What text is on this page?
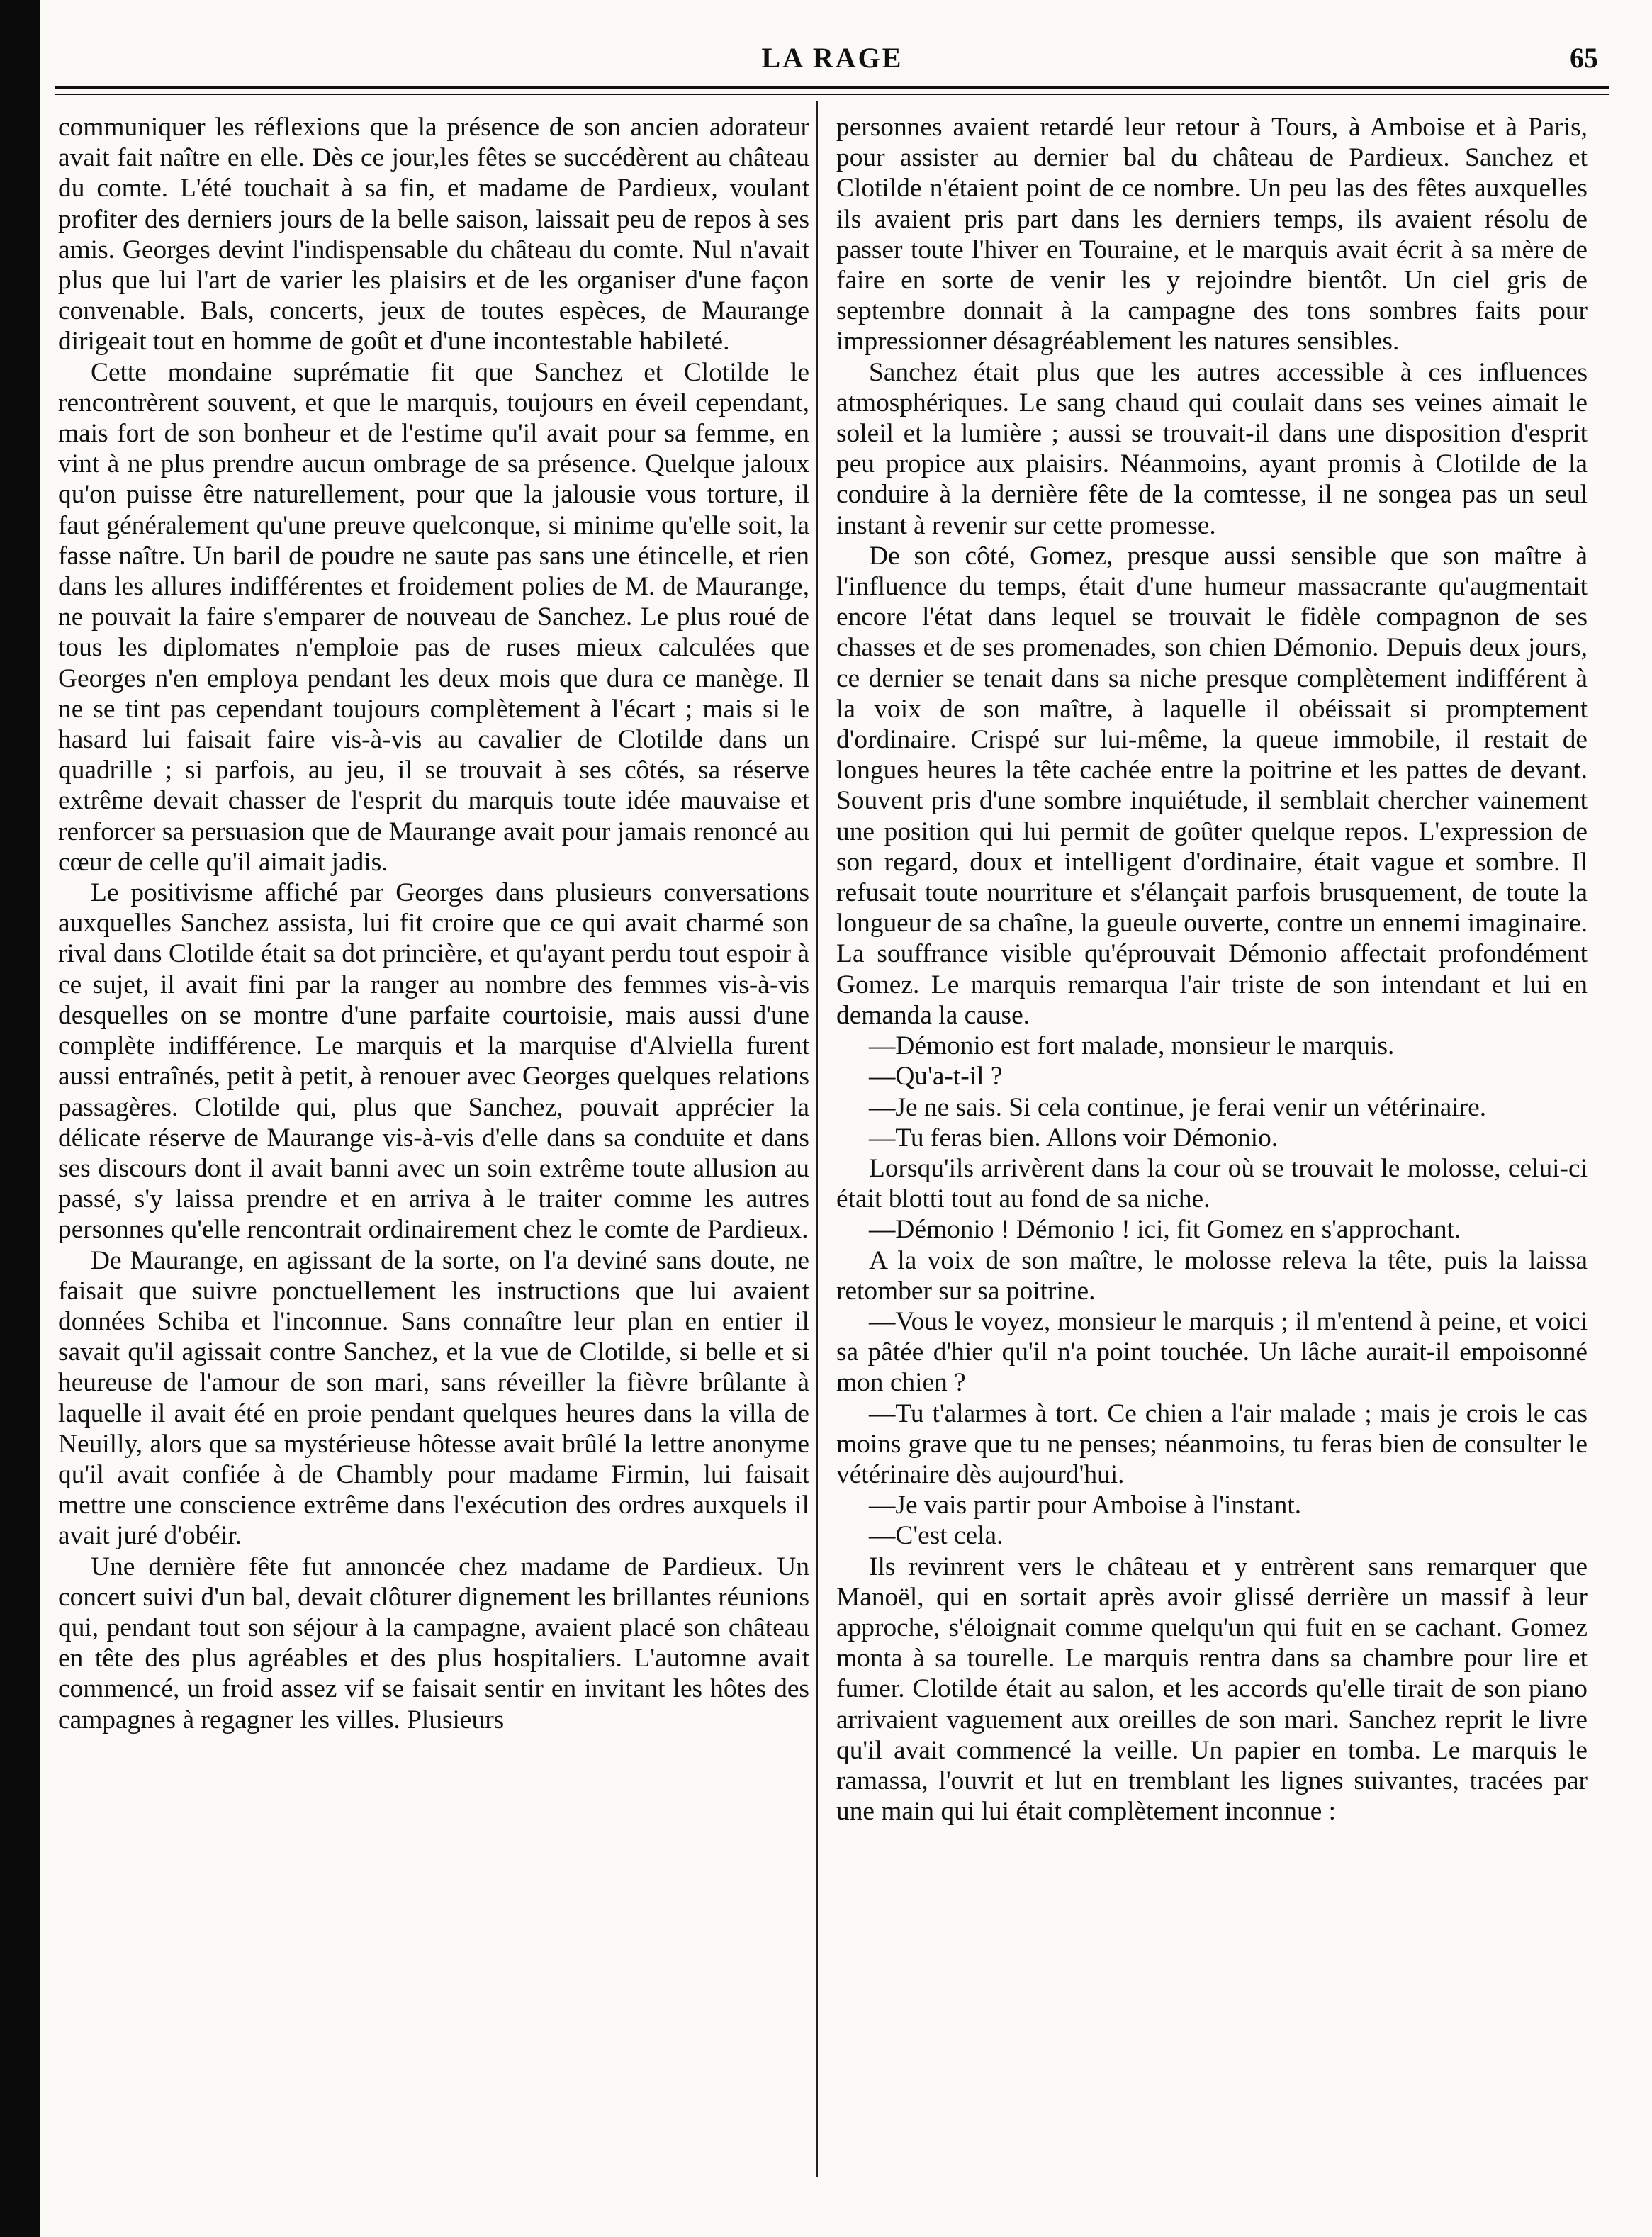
LA RAGE	65

communiquer les réflexions que la présence de son ancien adorateur avait fait naître en elle. Dès ce jour,les fêtes se succédèrent au château du comte. L'été touchait à sa fin, et madame de Pardieux, voulant profiter des derniers jours de la belle saison, laissait peu de repos à ses amis. Georges devint l'indispensable du château du comte. Nul n'avait plus que lui l'art de varier les plaisirs et de les organiser d'une façon convenable. Bals, concerts, jeux de toutes espèces, de Maurange dirigeait tout en homme de goût et d'une incontestable habileté.

Cette mondaine suprématie fit que Sanchez et Clotilde le rencontrèrent souvent, et que le marquis, toujours en éveil cependant, mais fort de son bonheur et de l'estime qu'il avait pour sa femme, en vint à ne plus prendre aucun ombrage de sa présence. Quelque jaloux qu'on puisse être naturellement, pour que la jalousie vous torture, il faut généralement qu'une preuve quelconque, si minime qu'elle soit, la fasse naître. Un baril de poudre ne saute pas sans une étincelle, et rien dans les allures indifférentes et froidement polies de M. de Maurange, ne pouvait la faire s'emparer de nouveau de Sanchez. Le plus roué de tous les diplomates n'emploie pas de ruses mieux calculées que Georges n'en employa pendant les deux mois que dura ce manège. Il ne se tint pas cependant toujours complètement à l'écart ; mais si le hasard lui faisait faire vis-à-vis au cavalier de Clotilde dans un quadrille ; si parfois, au jeu, il se trouvait à ses côtés, sa réserve extrême devait chasser de l'esprit du marquis toute idée mauvaise et renforcer sa persuasion que de Maurange avait pour jamais renoncé au cœur de celle qu'il aimait jadis.

Le positivisme affiché par Georges dans plusieurs conversations auxquelles Sanchez assista, lui fit croire que ce qui avait charmé son rival dans Clotilde était sa dot princière, et qu'ayant perdu tout espoir à ce sujet, il avait fini par la ranger au nombre des femmes vis-à-vis desquelles on se montre d'une parfaite courtoisie, mais aussi d'une complète indifférence. Le marquis et la marquise d'Alviella furent aussi entraînés, petit à petit, à renouer avec Georges quelques relations passagères. Clotilde qui, plus que Sanchez, pouvait apprécier la délicate réserve de Maurange vis-à-vis d'elle dans sa conduite et dans ses discours dont il avait banni avec un soin extrême toute allusion au passé, s'y laissa prendre et en arriva à le traiter comme les autres personnes qu'elle rencontrait ordinairement chez le comte de Pardieux.

De Maurange, en agissant de la sorte, on l'a deviné sans doute, ne faisait que suivre ponctuellement les instructions que lui avaient données Schiba et l'inconnue. Sans connaître leur plan en entier il savait qu'il agissait contre Sanchez, et la vue de Clotilde, si belle et si heureuse de l'amour de son mari, sans réveiller la fièvre brûlante à laquelle il avait été en proie pendant quelques heures dans la villa de Neuilly, alors que sa mystérieuse hôtesse avait brûlé la lettre anonyme qu'il avait confiée à de Chambly pour madame Firmin, lui faisait mettre une conscience extrême dans l'exécution des ordres auxquels il avait juré d'obéir.

Une dernière fête fut annoncée chez madame de Pardieux. Un concert suivi d'un bal, devait clôturer dignement les brillantes réunions qui, pendant tout son séjour à la campagne, avaient placé son château en tête des plus agréables et des plus hospitaliers. L'automne avait commencé, un froid assez vif se faisait sentir en invitant les hôtes des campagnes à regagner les villes. Plusieurs

personnes avaient retardé leur retour à Tours, à Amboise et à Paris, pour assister au dernier bal du château de Pardieux. Sanchez et Clotilde n'étaient point de ce nombre. Un peu las des fêtes auxquelles ils avaient pris part dans les derniers temps, ils avaient résolu de passer toute l'hiver en Touraine, et le marquis avait écrit à sa mère de faire en sorte de venir les y rejoindre bientôt. Un ciel gris de septembre donnait à la campagne des tons sombres faits pour impressionner désagréablement les natures sensibles.

Sanchez était plus que les autres accessible à ces influences atmosphériques. Le sang chaud qui coulait dans ses veines aimait le soleil et la lumière ; aussi se trouvait-il dans une disposition d'esprit peu propice aux plaisirs. Néanmoins, ayant promis à Clotilde de la conduire à la dernière fête de la comtesse, il ne songea pas un seul instant à revenir sur cette promesse.

De son côté, Gomez, presque aussi sensible que son maître à l'influence du temps, était d'une humeur massacrante qu'augmentait encore l'état dans lequel se trouvait le fidèle compagnon de ses chasses et de ses promenades, son chien Démonio. Depuis deux jours, ce dernier se tenait dans sa niche presque complètement indifférent à la voix de son maître, à laquelle il obéissait si promptement d'ordinaire. Crispé sur lui-même, la queue immobile, il restait de longues heures la tête cachée entre la poitrine et les pattes de devant. Souvent pris d'une sombre inquiétude, il semblait chercher vainement une position qui lui permit de goûter quelque repos. L'expression de son regard, doux et intelligent d'ordinaire, était vague et sombre. Il refusait toute nourriture et s'élançait parfois brusquement, de toute la longueur de sa chaîne, la gueule ouverte, contre un ennemi imaginaire. La souffrance visible qu'éprouvait Démonio affectait profondément Gomez. Le marquis remarqua l'air triste de son intendant et lui en demanda la cause.

—Démonio est fort malade, monsieur le marquis.

—Qu'a-t-il ?

—Je ne sais. Si cela continue, je ferai venir un vétérinaire.

—Tu feras bien. Allons voir Démonio.

Lorsqu'ils arrivèrent dans la cour où se trouvait le molosse, celui-ci était blotti tout au fond de sa niche.

—Démonio ! Démonio ! ici, fit Gomez en s'approchant.

A la voix de son maître, le molosse releva la tête, puis la laissa retomber sur sa poitrine.

—Vous le voyez, monsieur le marquis ; il m'entend à peine, et voici sa pâtée d'hier qu'il n'a point touchée. Un lâche aurait-il empoisonné mon chien ?

—Tu t'alarmes à tort. Ce chien a l'air malade ; mais je crois le cas moins grave que tu ne penses; néanmoins, tu feras bien de consulter le vétérinaire dès aujourd'hui.

—Je vais partir pour Amboise à l'instant.

—C'est cela.

Ils revinrent vers le château et y entrèrent sans remarquer que Manoël, qui en sortait après avoir glissé derrière un massif à leur approche, s'éloignait comme quelqu'un qui fuit en se cachant. Gomez monta à sa tourelle. Le marquis rentra dans sa chambre pour lire et fumer. Clotilde était au salon, et les accords qu'elle tirait de son piano arrivaient vaguement aux oreilles de son mari. Sanchez reprit le livre qu'il avait commencé la veille. Un papier en tomba. Le marquis le ramassa, l'ouvrit et lut en tremblant les lignes suivantes, tracées par une main qui lui était complètement inconnue :
